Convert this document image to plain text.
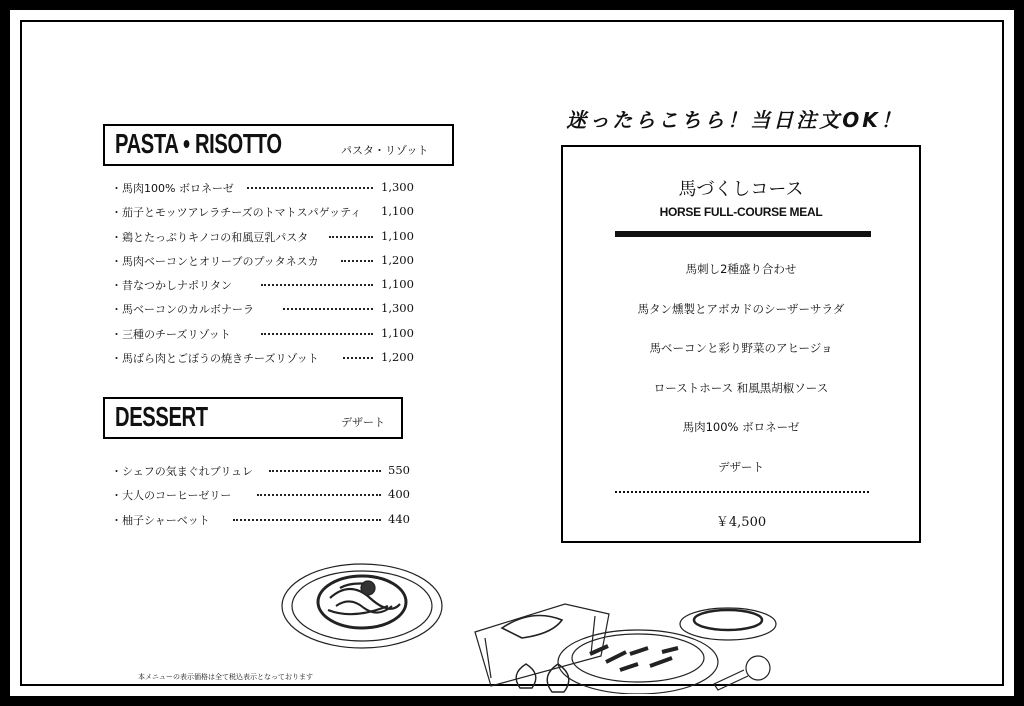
PASTA • RISOTTO	パスタ・リゾット
・馬肉100% ボロネーゼ	1,300
・茄子とモッツアレラチーズのトマトスパゲッティ 1,100
・鶏とたっぷりキノコの和風豆乳パスタ	1,100
・馬肉ベーコンとオリーブのプッタネスカ	1,200
・昔なつかしナポリタン	1,100
・馬ベーコンのカルボナーラ	1,300
・三種のチーズリゾット	1,100
・馬ばら肉とごぼうの焼きチーズリゾット	1,200
DESSERT	デザート
・シェフの気まぐれブリュレ	550
・大人のコーヒーゼリー	400
・柚子シャーベット	440
迷ったらこちら！当日注文OK！
馬づくしコース
HORSE FULL-COURSE MEAL
馬刺し2種盛り合わせ
馬タン燻製とアボカドのシーザーサラダ
馬ベーコンと彩り野菜のアヒージョ
ローストホース 和風黒胡椒ソース
馬肉100% ボロネーゼ
デザート
￥4,500
本メニューの表示価格は全て税込表示となっております
